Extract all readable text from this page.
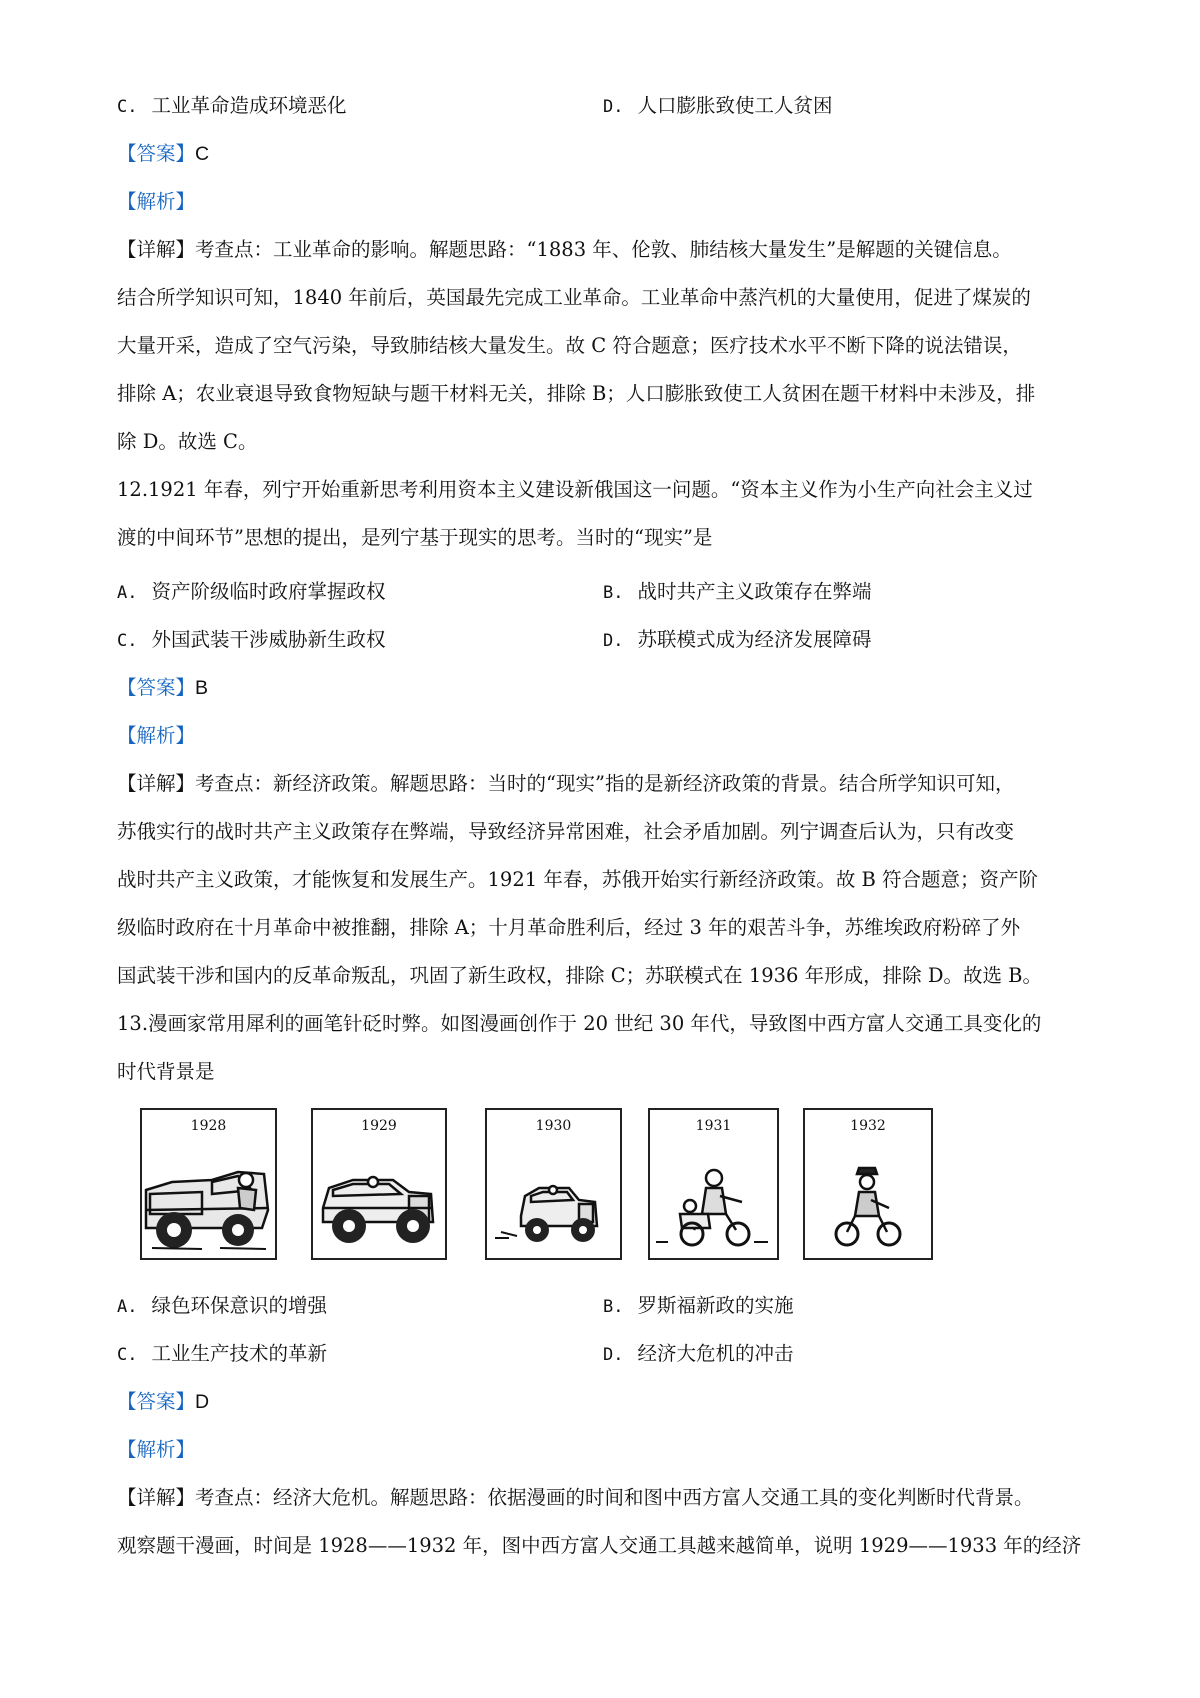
C. 工业革命造成环境恶化	D. 人口膨胀致使工人贫困
【答案】C
【解析】
【详解】考查点：工业革命的影响。解题思路：“1883 年、伦敦、肺结核大量发生”是解题的关键信息。
结合所学知识可知，1840 年前后，英国最先完成工业革命。工业革命中蒸汽机的大量使用，促进了煤炭的
大量开采，造成了空气污染，导致肺结核大量发生。故 C 符合题意；医疗技术水平不断下降的说法错误，
排除 A；农业衰退导致食物短缺与题干材料无关，排除 B；人口膨胀致使工人贫困在题干材料中未涉及，排
除 D。故选 C。
12.1921 年春，列宁开始重新思考利用资本主义建设新俄国这一问题。“资本主义作为小生产向社会主义过
渡的中间环节”思想的提出，是列宁基于现实的思考。当时的“现实”是
A. 资产阶级临时政府掌握政权	B. 战时共产主义政策存在弊端
C. 外国武装干涉威胁新生政权	D. 苏联模式成为经济发展障碍
【答案】B
【解析】
【详解】考查点：新经济政策。解题思路：当时的“现实”指的是新经济政策的背景。结合所学知识可知，
苏俄实行的战时共产主义政策存在弊端，导致经济异常困难，社会矛盾加剧。列宁调查后认为，只有改变
战时共产主义政策，才能恢复和发展生产。1921 年春，苏俄开始实行新经济政策。故 B 符合题意；资产阶
级临时政府在十月革命中被推翻，排除 A；十月革命胜利后，经过 3 年的艰苦斗争，苏维埃政府粉碎了外
国武装干涉和国内的反革命叛乱，巩固了新生政权，排除 C；苏联模式在 1936 年形成，排除 D。故选 B。
13.漫画家常用犀利的画笔针砭时弊。如图漫画创作于 20 世纪 30 年代，导致图中西方富人交通工具变化的
时代背景是
1928	1929	1930	1931	1932
A. 绿色环保意识的增强	B. 罗斯福新政的实施
C. 工业生产技术的革新	D. 经济大危机的冲击
【答案】D
【解析】
【详解】考查点：经济大危机。解题思路：依据漫画的时间和图中西方富人交通工具的变化判断时代背景。
观察题干漫画，时间是 1928——1932 年，图中西方富人交通工具越来越简单，说明 1929——1933 年的经济
